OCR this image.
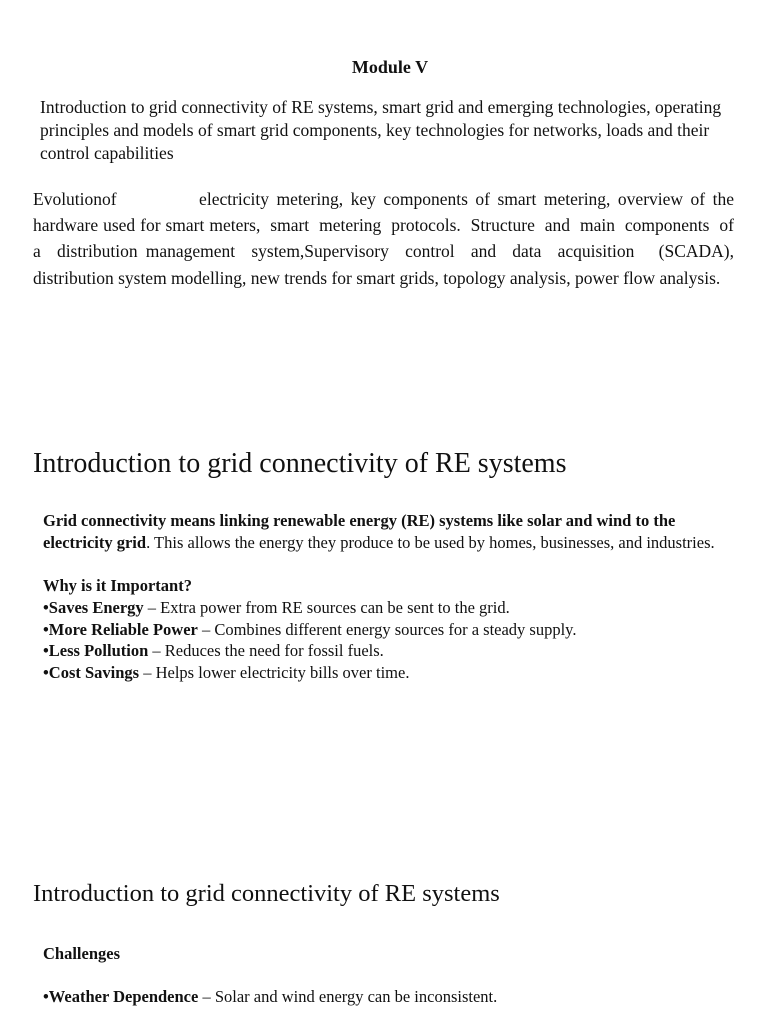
Module V
Introduction to grid connectivity of RE systems, smart grid and emerging technologies, operating principles and models of smart grid components, key technologies for networks, loads and their control capabilities
Evolutionof           electricity metering, key components of smart metering, overview of the hardware used for smart meters,  smart  metering  protocols.  Structure  and  main  components  of  a  distribution management  system,Supervisory  control  and  data  acquisition   (SCADA),   distribution system modelling, new trends for smart grids, topology analysis, power flow analysis.
Introduction to grid connectivity of RE systems
Grid connectivity means linking renewable energy (RE) systems like solar and wind to the electricity grid. This allows the energy they produce to be used by homes, businesses, and industries.
Why is it Important?
•Saves Energy – Extra power from RE sources can be sent to the grid.
•More Reliable Power – Combines different energy sources for a steady supply.
•Less Pollution – Reduces the need for fossil fuels.
•Cost Savings – Helps lower electricity bills over time.
Introduction to grid connectivity of RE systems
Challenges
•Weather Dependence – Solar and wind energy can be inconsistent.
